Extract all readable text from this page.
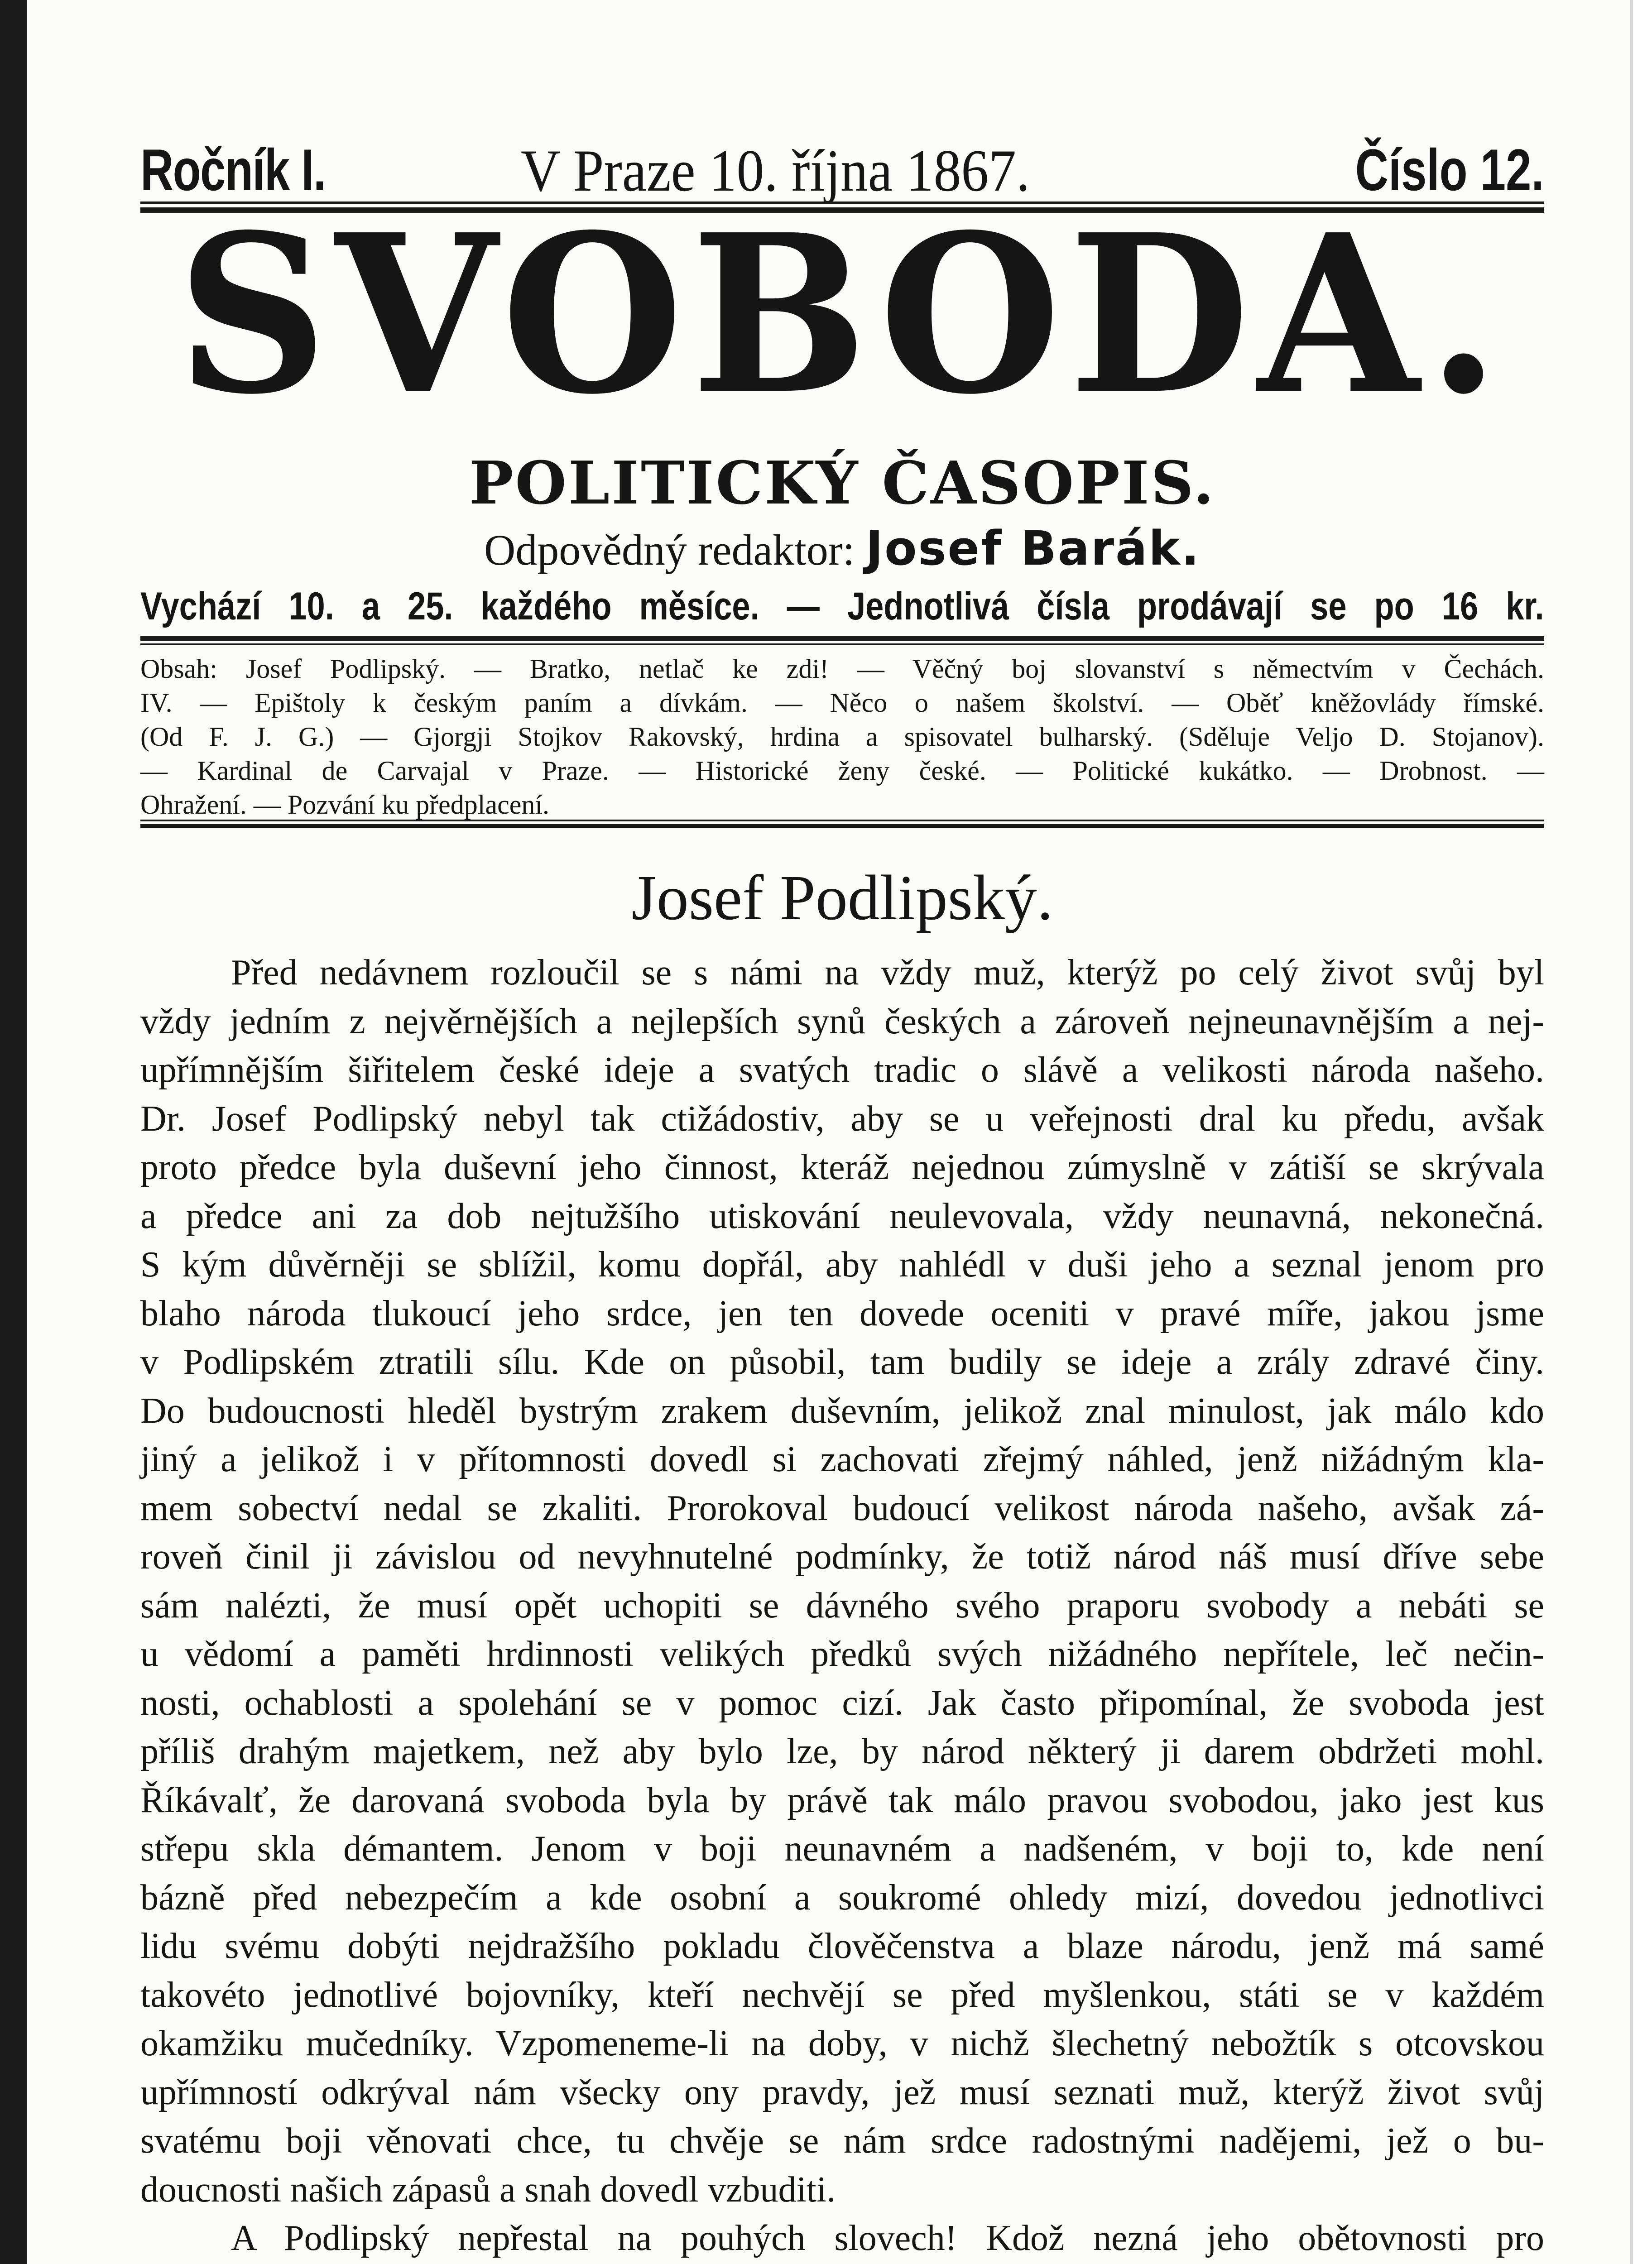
Ročník I.	V Praze 10. října 1867.	Číslo 12.
SVOBODA.
POLITICKÝ ČASOPIS.
Odpovědný redaktor: Josef Barák.
Vychází 10. a 25. každého měsíce. — Jednotlivá čísla prodávají se po 16 kr.

Obsah: Josef Podlipský. — Bratko, netlač ke zdi! — Věčný boj slovanství s němectvím v Čechách.

IV. — Epištoly k českým paním a dívkám. — Něco o našem školství. — Oběť kněžovlády římské.

(Od F. J. G.) — Gjorgji Stojkov Rakovský, hrdina a spisovatel bulharský. (Sděluje Veljo D. Stojanov).

— Kardinal de Carvajal v Praze. — Historické ženy české. — Politické kukátko. — Drobnost. —

Ohražení. — Pozvání ku předplacení.

Josef Podlipský.

Před nedávnem rozloučil se s námi na vždy muž, kterýž po celý život svůj byl

vždy jedním z nejvěrnějších a nejlepších synů českých a zároveň nejneunavnějším a nej-

upřímnějším šiřitelem české ideje a svatých tradic o slávě a velikosti národa našeho.

Dr. Josef Podlipský nebyl tak ctižádostiv, aby se u veřejnosti dral ku předu, avšak

proto předce byla duševní jeho činnost, kteráž nejednou zúmyslně v zátiší se skrývala

a předce ani za dob nejtužšího utiskování neulevovala, vždy neunavná, nekonečná.

S kým důvěrněji se sblížil, komu dopřál, aby nahlédl v duši jeho a seznal jenom pro

blaho národa tlukoucí jeho srdce, jen ten dovede oceniti v pravé míře, jakou jsme

v Podlipském ztratili sílu. Kde on působil, tam budily se ideje a zrály zdravé činy.

Do budoucnosti hleděl bystrým zrakem duševním, jelikož znal minulost, jak málo kdo

jiný a jelikož i v přítomnosti dovedl si zachovati zřejmý náhled, jenž nižádným kla-

mem sobectví nedal se zkaliti. Prorokoval budoucí velikost národa našeho, avšak zá-

roveň činil ji závislou od nevyhnutelné podmínky, že totiž národ náš musí dříve sebe

sám nalézti, že musí opět uchopiti se dávného svého praporu svobody a nebáti se

u vědomí a paměti hrdinnosti velikých předků svých nižádného nepřítele, leč nečin-

nosti, ochablosti a spolehání se v pomoc cizí. Jak často připomínal, že svoboda jest

příliš drahým majetkem, než aby bylo lze, by národ některý ji darem obdržeti mohl.

Říkávalť, že darovaná svoboda byla by právě tak málo pravou svobodou, jako jest kus

střepu skla démantem. Jenom v boji neunavném a nadšeném, v boji to, kde není

bázně před nebezpečím a kde osobní a soukromé ohledy mizí, dovedou jednotlivci

lidu svému dobýti nejdražšího pokladu člověčenstva a blaze národu, jenž má samé

takovéto jednotlivé bojovníky, kteří nechvějí se před myšlenkou, státi se v každém

okamžiku mučedníky. Vzpomeneme-li na doby, v nichž šlechetný nebožtík s otcovskou

upřímností odkrýval nám všecky ony pravdy, jež musí seznati muž, kterýž život svůj

svatému boji věnovati chce, tu chvěje se nám srdce radostnými nadějemi, jež o bu-

doucnosti našich zápasů a snah dovedl vzbuditi.

A Podlipský nepřestal na pouhých slovech! Kdož nezná jeho obětovnosti pro
